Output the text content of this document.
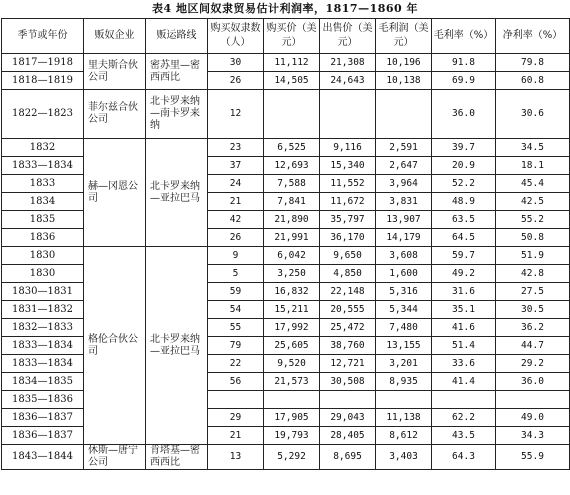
表4 地区间奴隶贸易估计利润率，1817—1860 年
季节或年份	贩奴企业	贩运路线	购买奴隶数（人）	购买价（美元）	出售价（美元）	毛利润（美元）	毛利率（%）	净利率（%）
1817—1918	里夫斯合伙公司	密苏里—密西西比	30	11,112	21,308	10,196	91.8	79.8
1818—1819			26	14,505	24,643	10,138	69.9	60.8
1822—1823	菲尔兹合伙公司	北卡罗来纳—南卡罗来纳	12				36.0	30.6
1832	赫—冈恩公司	北卡罗来纳—亚拉巴马	23	6,525	9,116	2,591	39.7	34.5
1833—1834			37	12,693	15,340	2,647	20.9	18.1
1833			24	7,588	11,552	3,964	52.2	45.4
1834			21	7,841	11,672	3,831	48.9	42.5
1835			42	21,890	35,797	13,907	63.5	55.2
1836			26	21,991	36,170	14,179	64.5	50.8
1830	格伦合伙公司	北卡罗来纳—亚拉巴马	9	6,042	9,650	3,608	59.7	51.9
1830			5	3,250	4,850	1,600	49.2	42.8
1830—1831			59	16,832	22,148	5,316	31.6	27.5
1831—1832			54	15,211	20,555	5,344	35.1	30.5
1832—1833			55	17,992	25,472	7,480	41.6	36.2
1833—1834			79	25,605	38,760	13,155	51.4	44.7
1833—1834			22	9,520	12,721	3,201	33.6	29.2
1834—1835			56	21,573	30,508	8,935	41.4	36.0
1835—1836								
1836—1837			29	17,905	29,043	11,138	62.2	49.0
1836—1837			21	19,793	28,405	8,612	43.5	34.3
1843—1844	休斯—唐宁公司	肯塔基—密西西比	13	5,292	8,695	3,403	64.3	55.9
